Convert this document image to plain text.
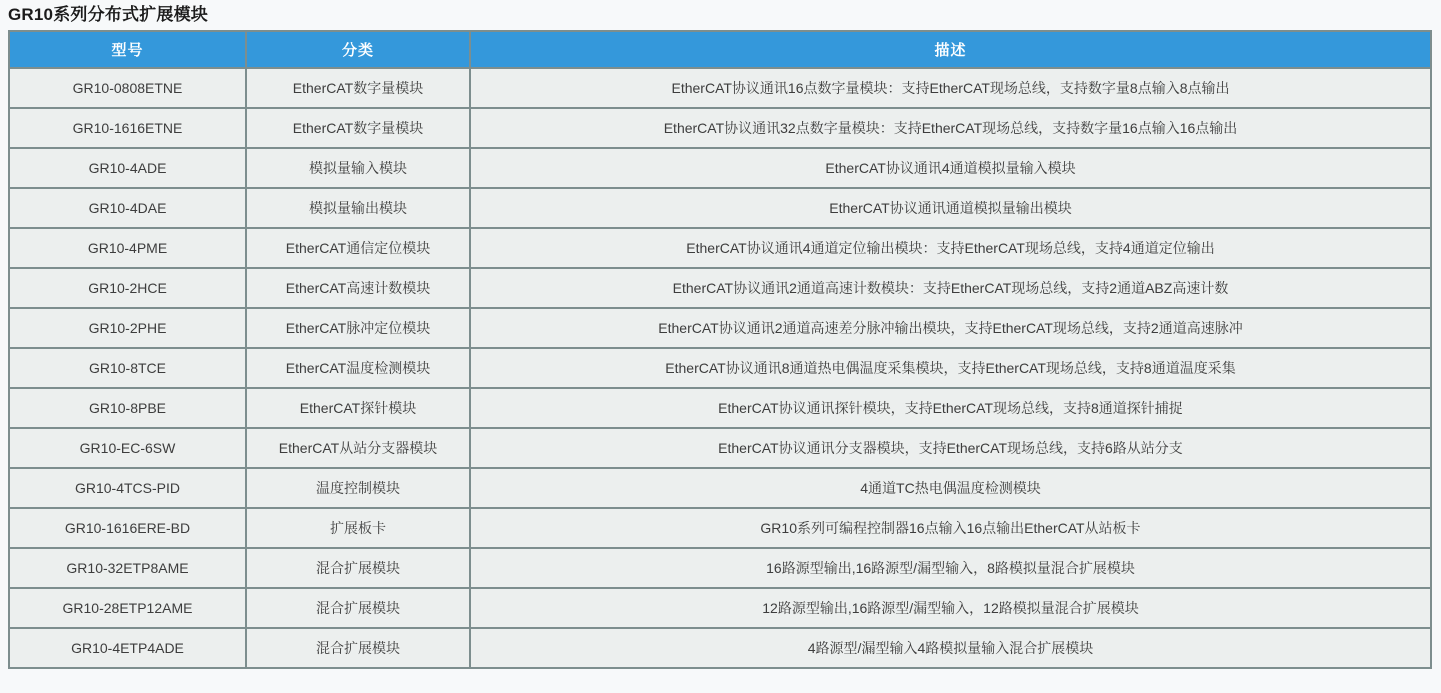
GR10系列分布式扩展模块
型号	分类	描述
GR10-0808ETNE	EtherCAT数字量模块	EtherCAT协议通讯16点数字量模块：支持EtherCAT现场总线，支持数字量8点输入8点输出
GR10-1616ETNE	EtherCAT数字量模块	EtherCAT协议通讯32点数字量模块：支持EtherCAT现场总线，支持数字量16点输入16点输出
GR10-4ADE	模拟量输入模块	EtherCAT协议通讯4通道模拟量输入模块
GR10-4DAE	模拟量输出模块	EtherCAT协议通讯通道模拟量输出模块
GR10-4PME	EtherCAT通信定位模块	EtherCAT协议通讯4通道定位输出模块：支持EtherCAT现场总线，支持4通道定位输出
GR10-2HCE	EtherCAT高速计数模块	EtherCAT协议通讯2通道高速计数模块：支持EtherCAT现场总线，支持2通道ABZ高速计数
GR10-2PHE	EtherCAT脉冲定位模块	EtherCAT协议通讯2通道高速差分脉冲输出模块，支持EtherCAT现场总线，支持2通道高速脉冲
GR10-8TCE	EtherCAT温度检测模块	EtherCAT协议通讯8通道热电偶温度采集模块，支持EtherCAT现场总线，支持8通道温度采集
GR10-8PBE	EtherCAT探针模块	EtherCAT协议通讯探针模块，支持EtherCAT现场总线，支持8通道探针捕捉
GR10-EC-6SW	EtherCAT从站分支器模块	EtherCAT协议通讯分支器模块，支持EtherCAT现场总线，支持6路从站分支
GR10-4TCS-PID	温度控制模块	4通道TC热电偶温度检测模块
GR10-1616ERE-BD	扩展板卡	GR10系列可编程控制器16点输入16点输出EtherCAT从站板卡
GR10-32ETP8AME	混合扩展模块	16路源型输出,16路源型/漏型输入，8路模拟量混合扩展模块
GR10-28ETP12AME	混合扩展模块	12路源型输出,16路源型/漏型输入，12路模拟量混合扩展模块
GR10-4ETP4ADE	混合扩展模块	4路源型/漏型输入4路模拟量输入混合扩展模块
